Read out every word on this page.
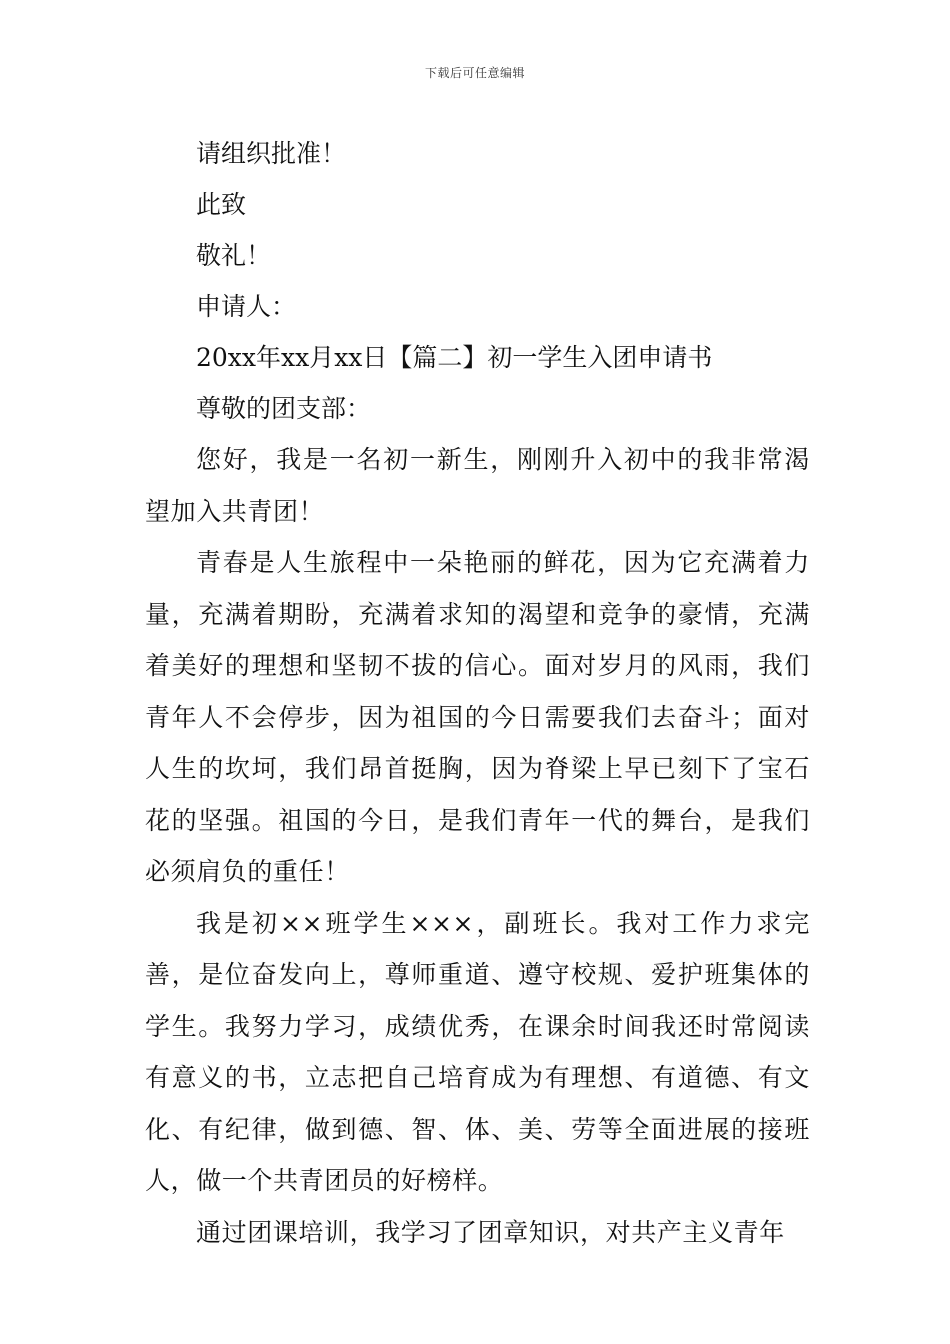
下载后可任意编辑
请组织批准！
此致
敬礼！
申请人：
20xx年xx月xx日【篇二】初一学生入团申请书
尊敬的团支部：

您好，我是一名初一新生，刚刚升入初中的我非常渴望加入共青团！

青春是人生旅程中一朵艳丽的鲜花，因为它充满着力量，充满着期盼，充满着求知的渴望和竞争的豪情，充满着美好的理想和坚韧不拔的信心。面对岁月的风雨，我们青年人不会停步，因为祖国的今日需要我们去奋斗；面对人生的坎坷，我们昂首挺胸，因为脊梁上早已刻下了宝石花的坚强。祖国的今日，是我们青年一代的舞台，是我们必须肩负的重任！

我是初××班学生×××，副班长。我对工作力求完善，是位奋发向上，尊师重道、遵守校规、爱护班集体的学生。我努力学习，成绩优秀，在课余时间我还时常阅读有意义的书，立志把自己培育成为有理想、有道德、有文化、有纪律，做到德、智、体、美、劳等全面进展的接班人，做一个共青团员的好榜样。

通过团课培训，我学习了团章知识，对共产主义青年
